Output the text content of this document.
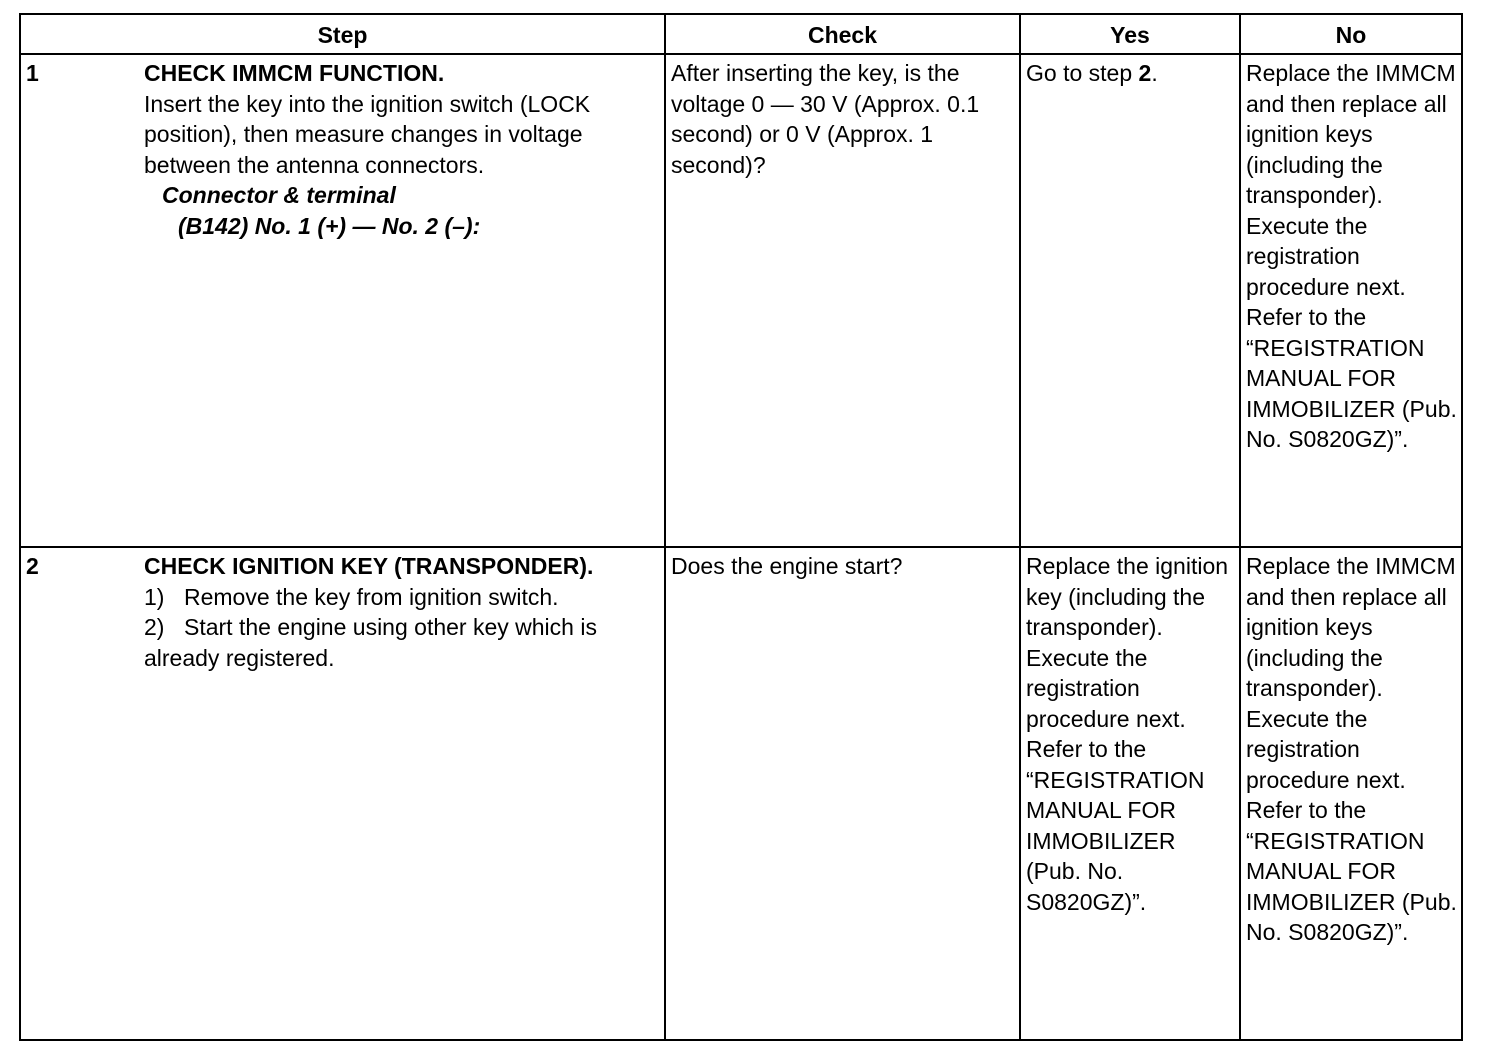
Step	Check	Yes	No

1 CHECK IMMCM FUNCTION.
Insert the key into the ignition switch (LOCK position), then measure changes in voltage between the antenna connectors.
Connector & terminal
(B142) No. 1 (+) — No. 2 (–):	After inserting the key, is the voltage 0 — 30 V (Approx. 0.1 second) or 0 V (Approx. 1 second)?	Go to step 2.	Replace the IMMCM and then replace all ignition keys (including the transponder). Execute the registration procedure next. Refer to the “REGISTRATION MANUAL FOR IMMOBILIZER (Pub. No. S0820GZ)”.

2 CHECK IGNITION KEY (TRANSPONDER).
1) Remove the key from ignition switch.
2) Start the engine using other key which is already registered.	Does the engine start?	Replace the ignition key (including the transponder). Execute the registration procedure next. Refer to the “REGISTRATION MANUAL FOR IMMOBILIZER (Pub. No. S0820GZ)”.	Replace the IMMCM and then replace all ignition keys (including the transponder). Execute the registration procedure next. Refer to the “REGISTRATION MANUAL FOR IMMOBILIZER (Pub. No. S0820GZ)”.
